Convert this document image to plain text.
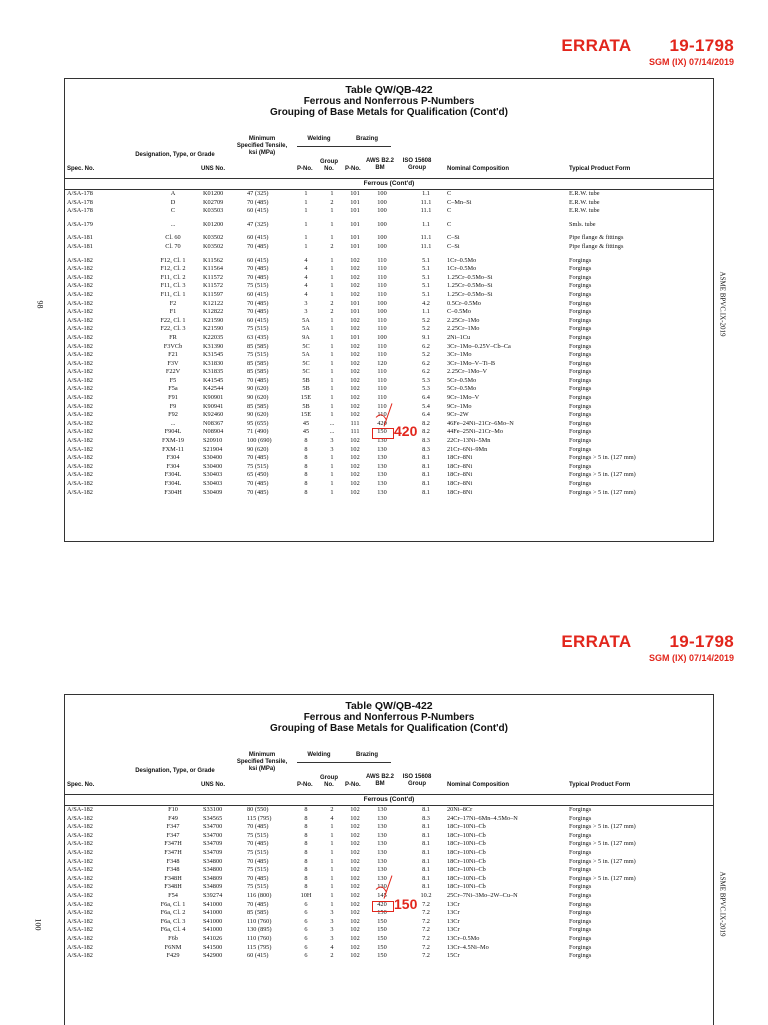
ERRATA 19-1798
SGM (IX) 07/14/2019
ASME BPVC.IX-2019
98
Table QW/QB-422
Ferrous and Nonferrous P-Numbers
Grouping of Base Metals for Qualification (Cont'd)
Spec. No.
Designation, Type, or Grade
UNS No.
Minimum Specified Tensile, ksi (MPa)
Welding
P-No.
Group No.
Brazing
P-No.
AWS B2.2 BM
ISO 15608 Group	Nominal Composition	Typical Product Form
Ferrous (Cont'd)
A/SA-178	A	K01200	47 (325)	1	1	101	100	1.1	C	E.R.W. tube
A/SA-178	D	K02709	70 (485)	1	2	101	100	11.1	C–Mn–Si	E.R.W. tube
A/SA-178	C	K03503	60 (415)	1	1	101	100	11.1	C	E.R.W. tube
A/SA-179	...	K01200	47 (325)	1	1	101	100	1.1	C	Smls. tube
A/SA-181	Cl. 60	K03502	60 (415)	1	1	101	100	11.1	C–Si	Pipe flange & fittings
A/SA-181	Cl. 70	K03502	70 (485)	1	2	101	100	11.1	C–Si	Pipe flange & fittings
A/SA-182	F12, Cl. 1	K11562	60 (415)	4	1	102	110	5.1	1Cr–0.5Mo	Forgings
A/SA-182	F12, Cl. 2	K11564	70 (485)	4	1	102	110	5.1	1Cr–0.5Mo	Forgings
A/SA-182	F11, Cl. 2	K11572	70 (485)	4	1	102	110	5.1	1.25Cr–0.5Mo–Si	Forgings
A/SA-182	F11, Cl. 3	K11572	75 (515)	4	1	102	110	5.1	1.25Cr–0.5Mo–Si	Forgings
A/SA-182	F11, Cl. 1	K11597	60 (415)	4	1	102	110	5.1	1.25Cr–0.5Mo–Si	Forgings
A/SA-182	F2	K12122	70 (485)	3	2	101	100	4.2	0.5Cr–0.5Mo	Forgings
A/SA-182	F1	K12822	70 (485)	3	2	101	100	1.1	C–0.5Mo	Forgings
A/SA-182	F22, Cl. 1	K21590	60 (415)	5A	1	102	110	5.2	2.25Cr–1Mo	Forgings
A/SA-182	F22, Cl. 3	K21590	75 (515)	5A	1	102	110	5.2	2.25Cr–1Mo	Forgings
A/SA-182	FR	K22035	63 (435)	9A	1	101	100	9.1	2Ni–1Cu	Forgings
A/SA-182	F3VCb	K31390	85 (585)	5C	1	102	110	6.2	3Cr–1Mo–0.25V–Cb–Ca	Forgings
A/SA-182	F21	K31545	75 (515)	5A	1	102	110	5.2	3Cr–1Mo	Forgings
A/SA-182	F3V	K31830	85 (585)	5C	1	102	120	6.2	3Cr–1Mo–V–Ti–B	Forgings
A/SA-182	F22V	K31835	85 (585)	5C	1	102	110	6.2	2.25Cr–1Mo–V	Forgings
A/SA-182	F5	K41545	70 (485)	5B	1	102	110	5.3	5Cr–0.5Mo	Forgings
A/SA-182	F5a	K42544	90 (620)	5B	1	102	110	5.3	5Cr–0.5Mo	Forgings
A/SA-182	F91	K90901	90 (620)	15E	1	102	110	6.4	9Cr–1Mo–V	Forgings
A/SA-182	F9	K90941	85 (585)	5B	1	102	110	5.4	9Cr–1Mo	Forgings
A/SA-182	F92	K92460	90 (620)	15E	1	102	110	6.4	9Cr–2W	Forgings
A/SA-182	...	N08367	95 (655)	45	...	111	420	8.2	46Fe–24Ni–21Cr–6Mo–N	Forgings
A/SA-182	F904L	N08904	71 (490)	45	...	111	150	8.2	44Fe–25Ni–21Cr–Mo	Forgings
A/SA-182	FXM-19	S20910	100 (690)	8	3	102	130	8.3	22Cr–13Ni–5Mn	Forgings
A/SA-182	FXM-11	S21904	90 (620)	8	3	102	130	8.3	21Cr–6Ni–9Mn	Forgings
A/SA-182	F304	S30400	70 (485)	8	1	102	130	8.1	18Cr–8Ni	Forgings > 5 in. (127 mm)
A/SA-182	F304	S30400	75 (515)	8	1	102	130	8.1	18Cr–8Ni	Forgings
A/SA-182	F304L	S30403	65 (450)	8	1	102	130	8.1	18Cr–8Ni	Forgings > 5 in. (127 mm)
A/SA-182	F304L	S30403	70 (485)	8	1	102	130	8.1	18Cr–8Ni	Forgings
A/SA-182	F304H	S30409	70 (485)	8	1	102	130	8.1	18Cr–8Ni	Forgings > 5 in. (127 mm)
420
ERRATA 19-1798
SGM (IX) 07/14/2019
ASME BPVC.IX-2019
100
Table QW/QB-422
Ferrous and Nonferrous P-Numbers
Grouping of Base Metals for Qualification (Cont'd)
Spec. No.
Designation, Type, or Grade
UNS No.
Minimum Specified Tensile, ksi (MPa)
Welding
P-No.
Group No.
Brazing
P-No.
AWS B2.2 BM
ISO 15608 Group	Nominal Composition	Typical Product Form
Ferrous (Cont'd)
A/SA-182	F10	S33100	80 (550)	8	2	102	130	8.1	20Ni–8Cr	Forgings
A/SA-182	F49	S34565	115 (795)	8	4	102	130	8.3	24Cr–17Ni–6Mn–4.5Mo–N	Forgings
A/SA-182	F347	S34700	70 (485)	8	1	102	130	8.1	18Cr–10Ni–Cb	Forgings > 5 in. (127 mm)
A/SA-182	F347	S34700	75 (515)	8	1	102	130	8.1	18Cr–10Ni–Cb	Forgings
A/SA-182	F347H	S34709	70 (485)	8	1	102	130	8.1	18Cr–10Ni–Cb	Forgings > 5 in. (127 mm)
A/SA-182	F347H	S34709	75 (515)	8	1	102	130	8.1	18Cr–10Ni–Cb	Forgings
A/SA-182	F348	S34800	70 (485)	8	1	102	130	8.1	18Cr–10Ni–Cb	Forgings > 5 in. (127 mm)
A/SA-182	F348	S34800	75 (515)	8	1	102	130	8.1	18Cr–10Ni–Cb	Forgings
A/SA-182	F348H	S34809	70 (485)	8	1	102	130	8.1	18Cr–10Ni–Cb	Forgings > 5 in. (127 mm)
A/SA-182	F348H	S34809	75 (515)	8	1	102	130	8.1	18Cr–10Ni–Cb	Forgings
A/SA-182	F54	S39274	116 (800)	10H	1	102	145	10.2	25Cr–7Ni–3Mo–2W–Cu–N	Forgings
A/SA-182	F6a, Cl. 1	S41000	70 (485)	6	1	102	420	7.2	13Cr	Forgings
A/SA-182	F6a, Cl. 2	S41000	85 (585)	6	3	102	150	7.2	13Cr	Forgings
A/SA-182	F6a, Cl. 3	S41000	110 (760)	6	3	102	150	7.2	13Cr	Forgings
A/SA-182	F6a, Cl. 4	S41000	130 (895)	6	3	102	150	7.2	13Cr	Forgings
A/SA-182	F6b	S41026	110 (760)	6	3	102	150	7.2	13Cr–0.5Mo	Forgings
A/SA-182	F6NM	S41500	115 (795)	6	4	102	150	7.2	13Cr–4.5Ni–Mo	Forgings
A/SA-182	F429	S42900	60 (415)	6	2	102	150	7.2	15Cr	Forgings
150
